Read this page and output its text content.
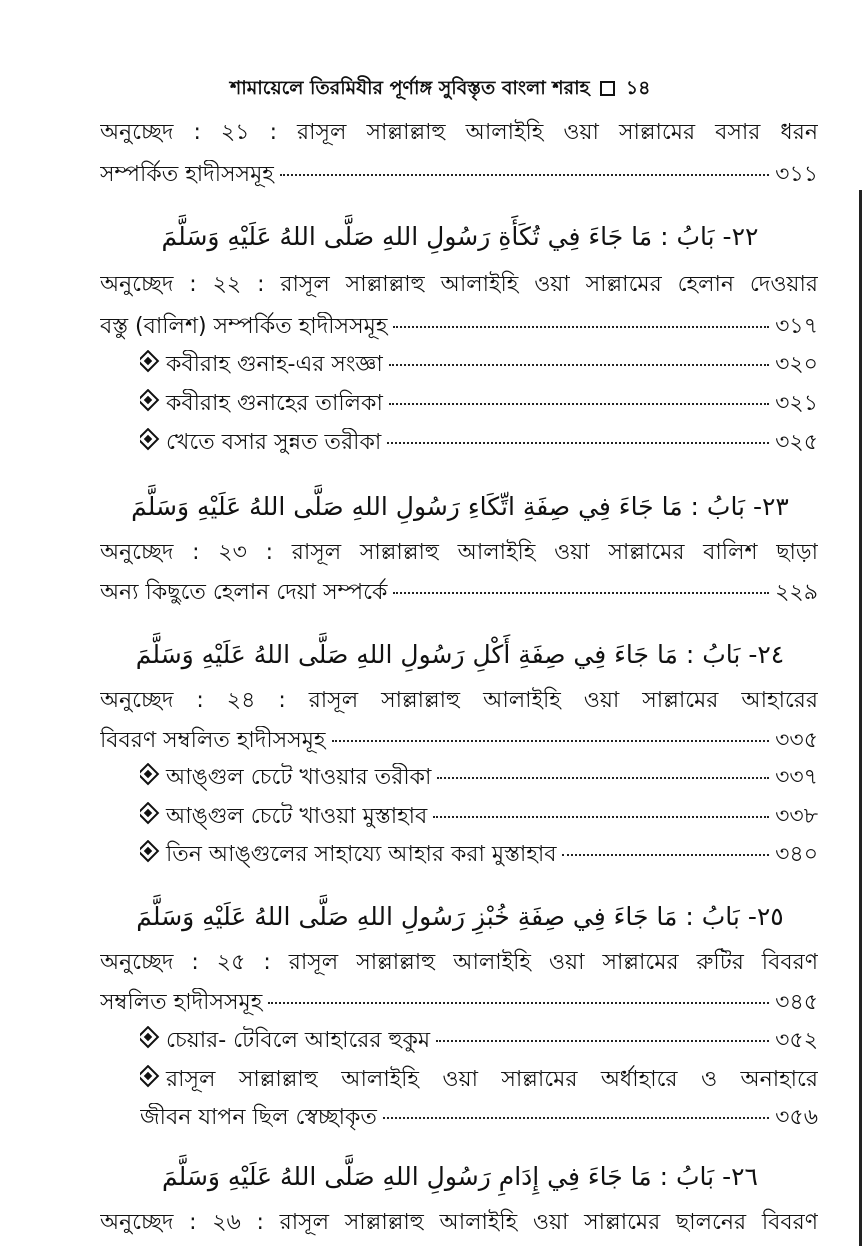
শামায়েলে তিরমিযীর পূর্ণাঙ্গ সুবিস্তৃত বাংলা শরাহ ১৪
অনুচ্ছেদ : ২১ : রাসূল সাল্লাল্লাহু আলাইহি ওয়া সাল্লামের বসার ধরন
সম্পর্কিত হাদীসসমূহ	৩১১
٢٢- بَابُ : مَا جَاءَ فِي تُكَأَةِ رَسُولِ اللهِ صَلَّى اللهُ عَلَيْهِ وَسَلَّمَ
অনুচ্ছেদ : ২২ : রাসূল সাল্লাল্লাহু আলাইহি ওয়া সাল্লামের হেলান দেওয়ার
বস্তু (বালিশ) সম্পর্কিত হাদীসসমূহ	৩১৭
কবীরাহ গুনাহ-এর সংজ্ঞা	৩২০
কবীরাহ গুনাহের তালিকা	৩২১
খেতে বসার সুন্নত তরীকা	৩২৫
٢٣- بَابُ : مَا جَاءَ فِي صِفَةِ اتِّكَاءِ رَسُولِ اللهِ صَلَّى اللهُ عَلَيْهِ وَسَلَّمَ
অনুচ্ছেদ : ২৩ : রাসূল সাল্লাল্লাহু আলাইহি ওয়া সাল্লামের বালিশ ছাড়া
অন্য কিছুতে হেলান দেয়া সম্পর্কে	২২৯
٢٤- بَابُ : مَا جَاءَ فِي صِفَةِ أَكْلِ رَسُولِ اللهِ صَلَّى اللهُ عَلَيْهِ وَسَلَّمَ
অনুচ্ছেদ : ২৪ : রাসূল সাল্লাল্লাহু আলাইহি ওয়া সাল্লামের আহারের
বিবরণ সম্বলিত হাদীসসমূহ	৩৩৫
আঙ্গুল চেটে খাওয়ার তরীকা	৩৩৭
আঙ্গুল চেটে খাওয়া মুস্তাহাব	৩৩৮
তিন আঙ্গুলের সাহায্যে আহার করা মুস্তাহাব	৩৪০
٢٥- بَابُ : مَا جَاءَ فِي صِفَةِ خُبْزِ رَسُولِ اللهِ صَلَّى اللهُ عَلَيْهِ وَسَلَّمَ
অনুচ্ছেদ : ২৫ : রাসূল সাল্লাল্লাহু আলাইহি ওয়া সাল্লামের রুটির বিবরণ
সম্বলিত হাদীসসমূহ	৩৪৫
চেয়ার- টেবিলে আহারের হুকুম	৩৫২
রাসূল সাল্লাল্লাহু আলাইহি ওয়া সাল্লামের অর্ধাহারে ও অনাহারে
জীবন যাপন ছিল স্বেচ্ছাকৃত	৩৫৬
٢٦- بَابُ : مَا جَاءَ فِي إِدَامِ رَسُولِ اللهِ صَلَّى اللهُ عَلَيْهِ وَسَلَّمَ
অনুচ্ছেদ : ২৬ : রাসূল সাল্লাল্লাহু আলাইহি ওয়া সাল্লামের ছালনের বিবরণ
